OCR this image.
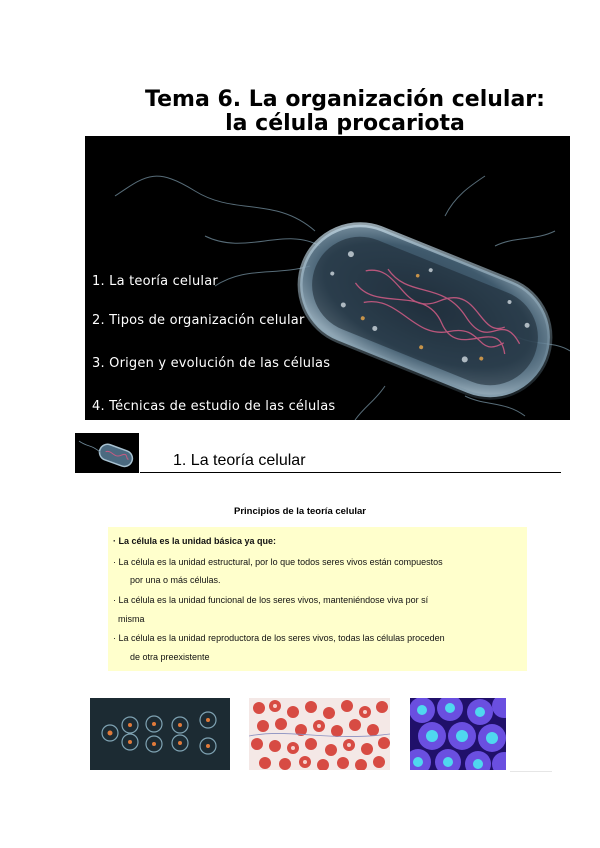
Tema 6. La organización celular:
la célula procariota
1. La teoría celular
2. Tipos de organización celular
3. Origen y evolución de las células
4. Técnicas de estudio de las células
1. La teoría celular
Principios de la teoría celular
· La célula es la unidad básica ya que:
· La célula es la unidad estructural, por lo que todos seres vivos están compuestos
por una o más células.
· La célula es la unidad funcional de los seres vivos, manteniéndose viva por sí
misma
· La célula es la unidad reproductora de los seres vivos, todas las células proceden
de otra preexistente
